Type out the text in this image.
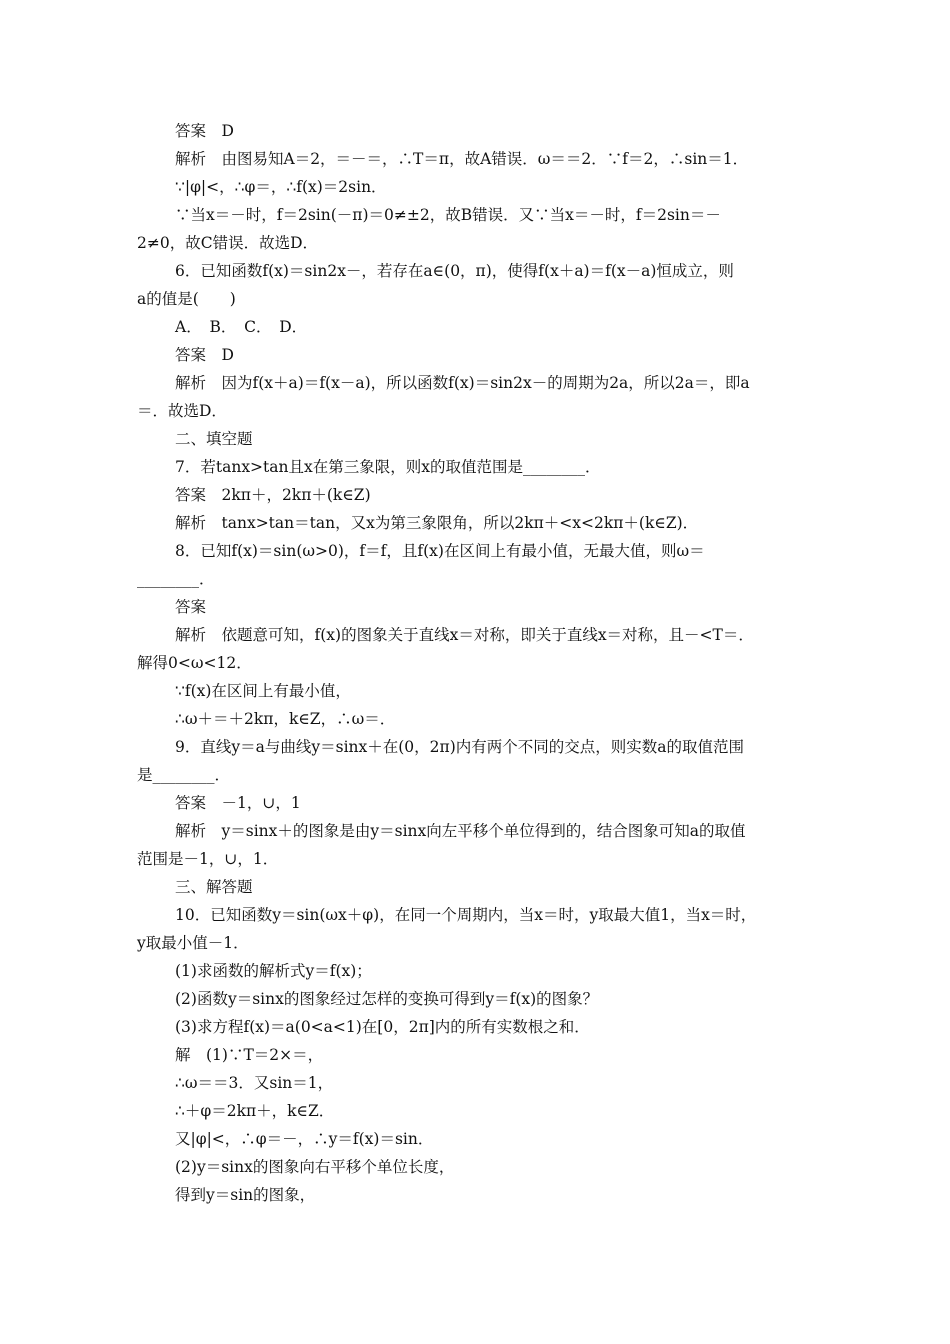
答案　D
解析　由图易知A＝2，＝－＝，∴T＝π，故A错误．ω＝＝2．∵f＝2，∴sin＝1．
∵|φ|<，∴φ＝，∴f(x)＝2sin．
∵当x＝－时，f＝2sin(－π)＝0≠±2，故B错误．又∵当x＝－时，f＝2sin＝－
2≠0，故C错误．故选D．
6．已知函数f(x)＝sin2x－，若存在a∈(0，π)，使得f(x＋a)＝f(x－a)恒成立，则
a的值是(　　)
A．　B．　C．　D．
答案　D
解析　因为f(x＋a)＝f(x－a)，所以函数f(x)＝sin2x－的周期为2a，所以2a＝，即a
＝．故选D．
二、填空题
7．若tanx>tan且x在第三象限，则x的取值范围是________．
答案　2kπ＋，2kπ＋(k∈Z)
解析　tanx>tan＝tan，又x为第三象限角，所以2kπ＋<x<2kπ＋(k∈Z)．
8．已知f(x)＝sin(ω>0)，f＝f，且f(x)在区间上有最小值，无最大值，则ω＝
________．
答案
解析　依题意可知，f(x)的图象关于直线x＝对称，即关于直线x＝对称，且－<T＝．
解得0<ω<12．
∵f(x)在区间上有最小值，
∴ω＋＝＋2kπ，k∈Z，∴ω＝．
9．直线y＝a与曲线y＝sinx＋在(0，2π)内有两个不同的交点，则实数a的取值范围
是________．
答案　－1，∪，1
解析　y＝sinx＋的图象是由y＝sinx向左平移个单位得到的，结合图象可知a的取值
范围是－1，∪，1．
三、解答题
10．已知函数y＝sin(ωx＋φ)，在同一个周期内，当x＝时，y取最大值1，当x＝时，
y取最小值－1．
(1)求函数的解析式y＝f(x)；
(2)函数y＝sinx的图象经过怎样的变换可得到y＝f(x)的图象？
(3)求方程f(x)＝a(0<a<1)在[0，2π]内的所有实数根之和．
解　(1)∵T＝2×＝，
∴ω＝＝3．又sin＝1，
∴＋φ＝2kπ＋，k∈Z．
又|φ|<，∴φ＝－，∴y＝f(x)＝sin．
(2)y＝sinx的图象向右平移个单位长度，
得到y＝sin的图象，
